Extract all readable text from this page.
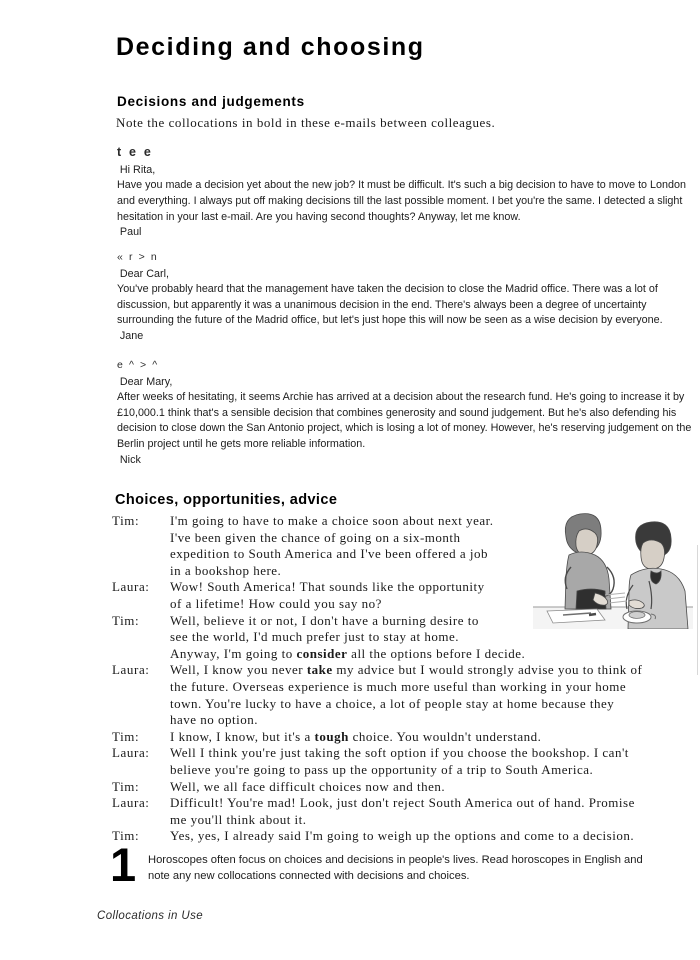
Deciding and choosing
Decisions and judgements
Note the collocations in bold in these e-mails between colleagues.
t e e
Hi Rita,
Have you made a decision yet about the new job? It must be difficult. It's such a big decision to have to move to London
and everything. I always put off making decisions till the last possible moment. I bet you're the same. I detected a slight
hesitation in your last e-mail. Are you having second thoughts? Anyway, let me know.
Paul
« r > n
Dear Carl,
You've probably heard that the management have taken the decision to close the Madrid office. There was a lot of
discussion, but apparently it was a unanimous decision in the end. There's always been a degree of uncertainty
surrounding the future of the Madrid office, but let's just hope this will now be seen as a wise decision by everyone.
Jane
e ^ > ^
Dear Mary,
After weeks of hesitating, it seems Archie has arrived at a decision about the research fund. He's going to increase it by
£10,000.1 think that's a sensible decision that combines generosity and sound judgement. But he's also defending his
decision to close down the San Antonio project, which is losing a lot of money. However, he's reserving judgement on the
Berlin project until he gets more reliable information.
Nick
Choices, opportunities, advice
Tim:	I'm going to have to make a choice soon about next year.
I've been given the chance of going on a six-month
expedition to South America and I've been offered a job
in a bookshop here.
Laura:	Wow! South America! That sounds like the opportunity
of a lifetime! How could you say no?
Tim:	Well, believe it or not, I don't have a burning desire to
see the world, I'd much prefer just to stay at home.
Anyway, I'm going to consider all the options before I decide.
Laura:	Well, I know you never take my advice but I would strongly advise you to think of
the future. Overseas experience is much more useful than working in your home
town. You're lucky to have a choice, a lot of people stay at home because they
have no option.
Tim:	I know, I know, but it's a tough choice. You wouldn't understand.
Laura:	Well I think you're just taking the soft option if you choose the bookshop. I can't
believe you're going to pass up the opportunity of a trip to South America.
Tim:	Well, we all face difficult choices now and then.
Laura:	Difficult! You're mad! Look, just don't reject South America out of hand. Promise
me you'll think about it.
Tim:	Yes, yes, I already said I'm going to weigh up the options and come to a decision.
1	Horoscopes often focus on choices and decisions in people's lives. Read horoscopes in English and
note any new collocations connected with decisions and choices.
Collocations in Use
